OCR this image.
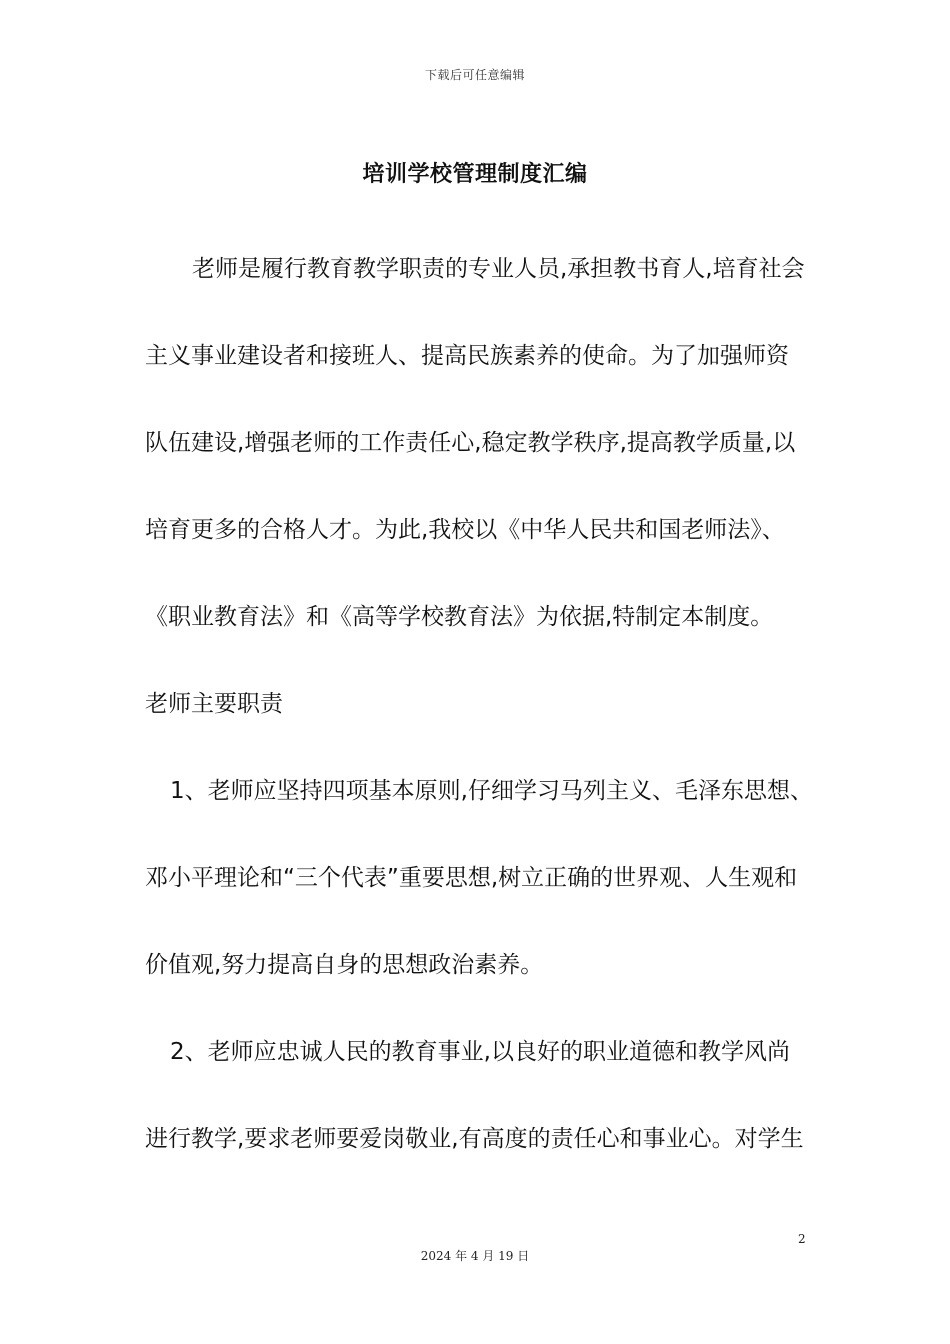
下载后可任意编辑
培训学校管理制度汇编
老师是履行教育教学职责的专业人员,承担教书育人,培育社会
主义事业建设者和接班人、提高民族素养的使命。为了加强师资
队伍建设,增强老师的工作责任心,稳定教学秩序,提高教学质量,以
培育更多的合格人才。为此,我校以《中华人民共和国老师法》、
《职业教育法》和《高等学校教育法》为依据,特制定本制度。
老师主要职责
1、老师应坚持四项基本原则,仔细学习马列主义、毛泽东思想、
邓小平理论和“三个代表”重要思想,树立正确的世界观、人生观和
价值观,努力提高自身的思想政治素养。
2、老师应忠诚人民的教育事业,以良好的职业道德和教学风尚
进行教学,要求老师要爱岗敬业,有高度的责任心和事业心。对学生
2
2024 年 4 月 19 日
